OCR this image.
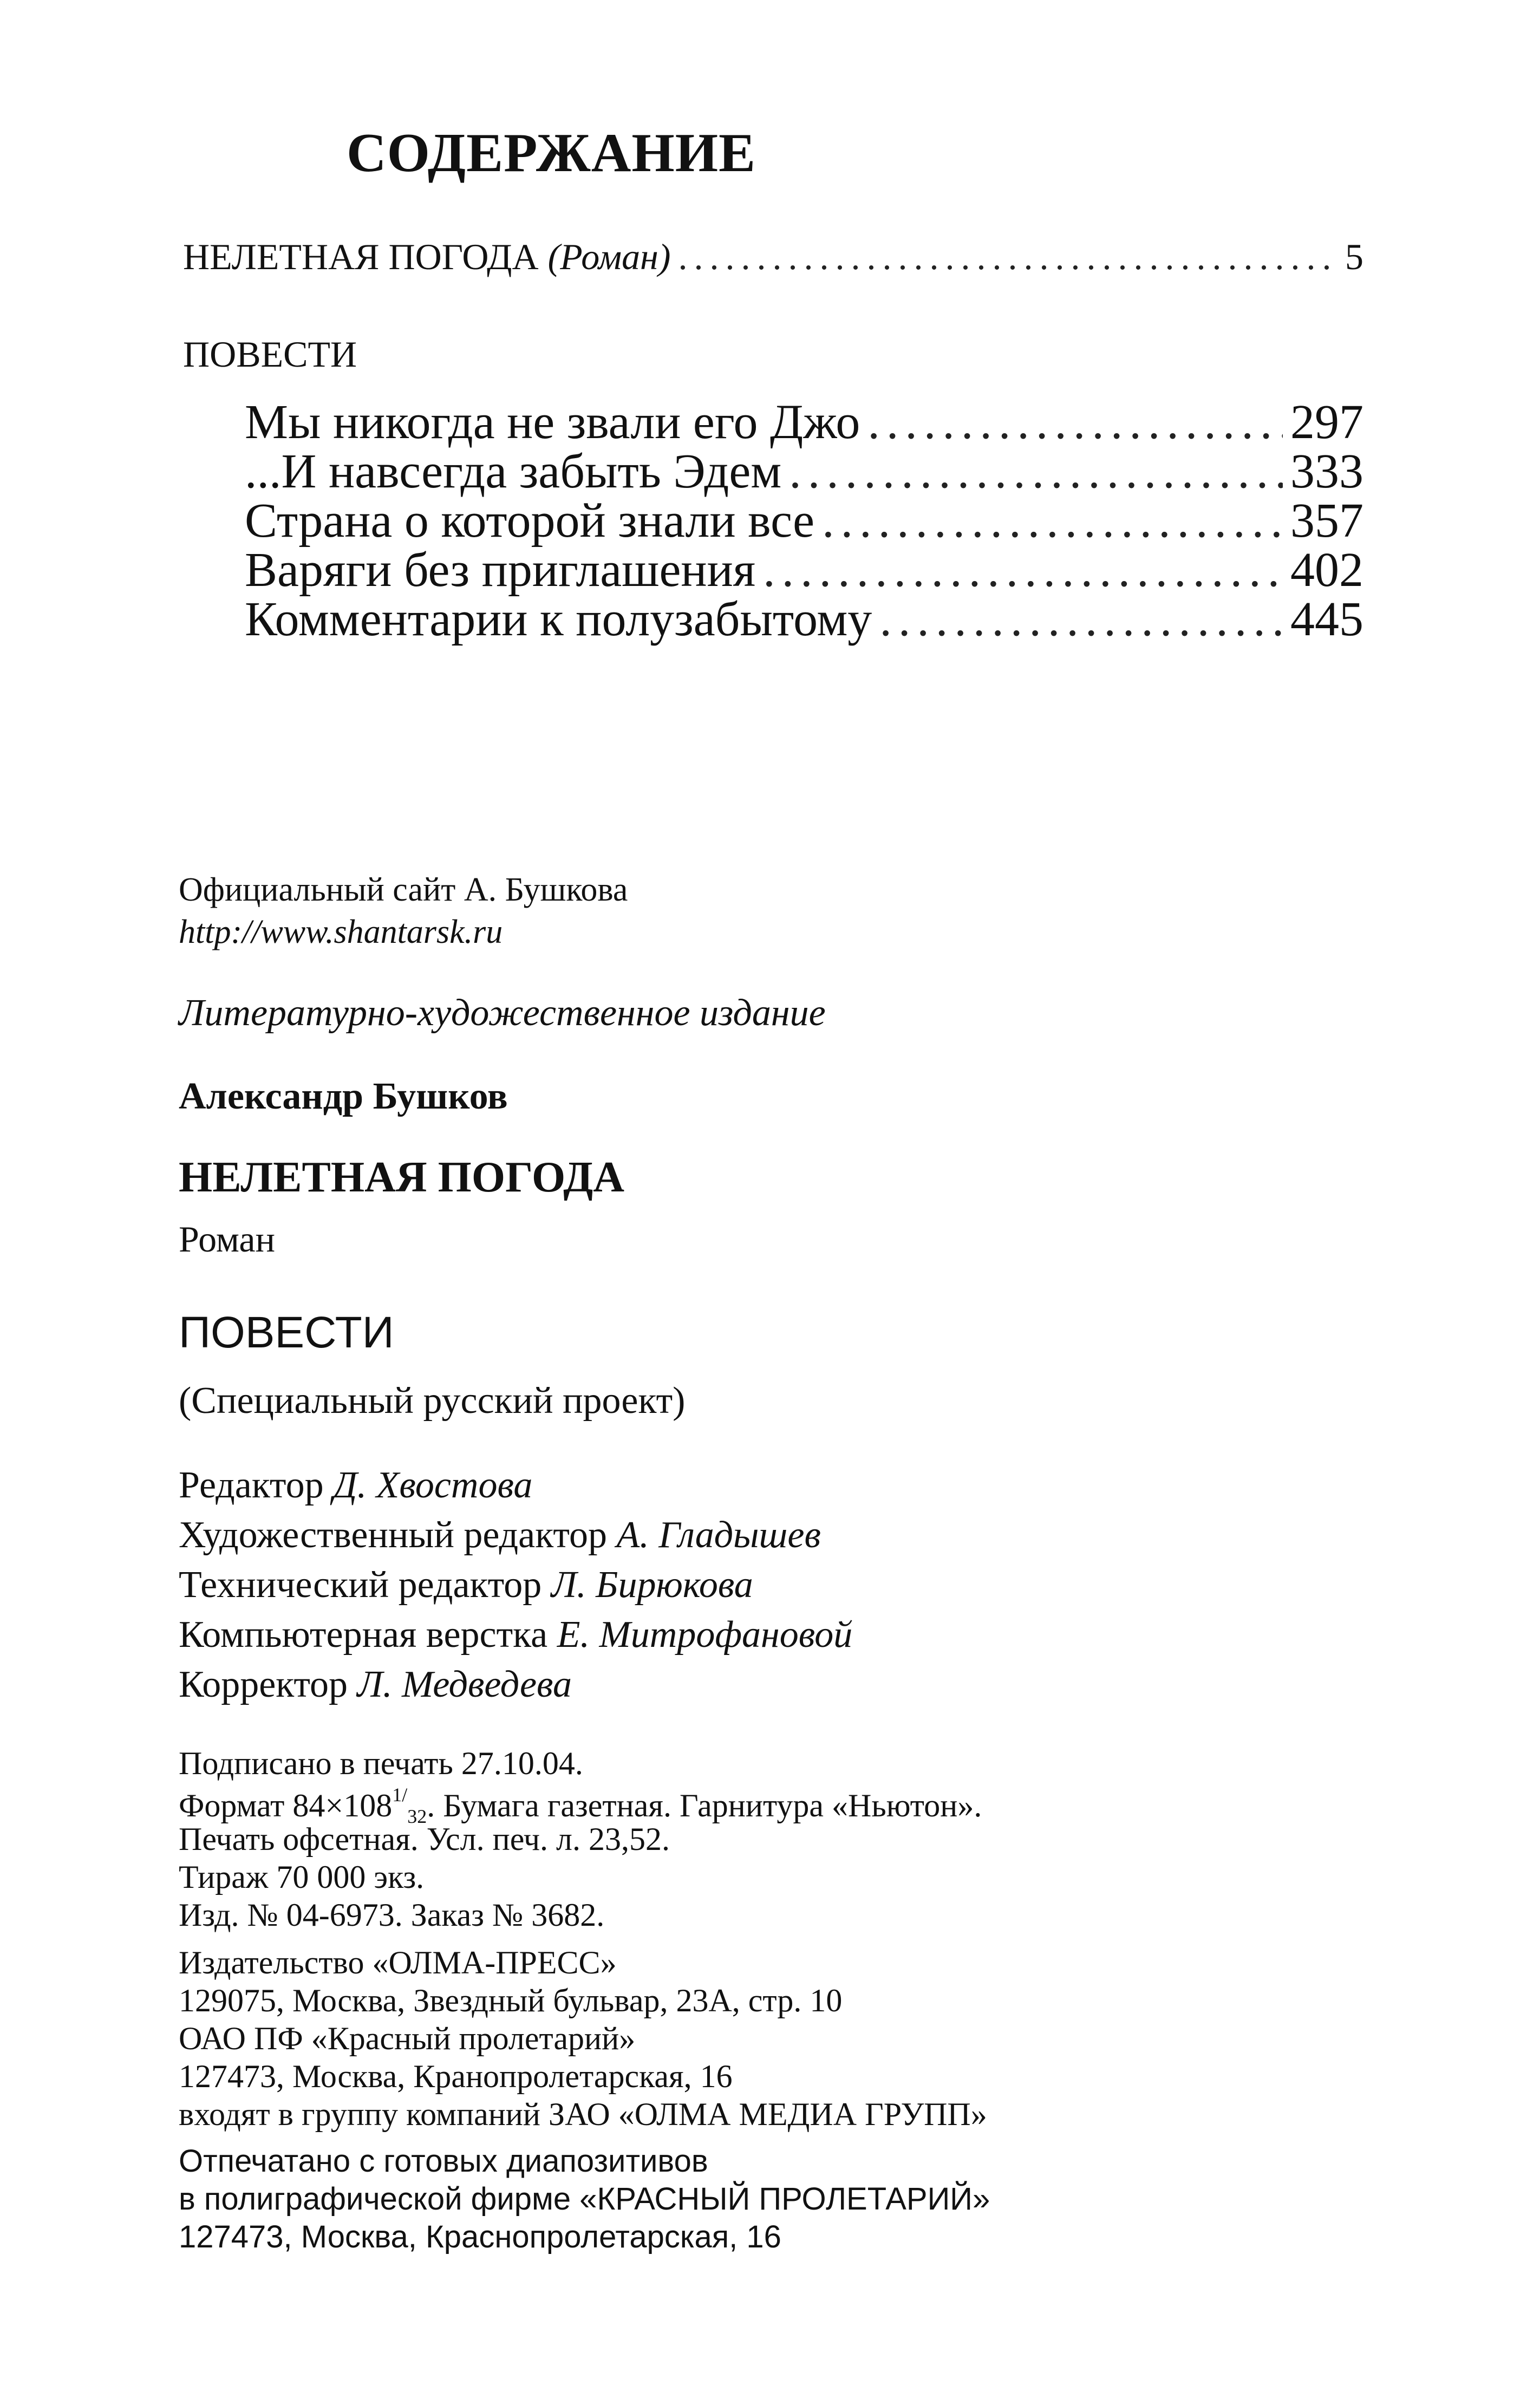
СОДЕРЖАНИЕ
НЕЛЕТНАЯ ПОГОДА (Роман) .....	5
ПОВЕСТИ
Мы никогда не звали его Джо .....	297
...И навсегда забыть Эдем .....	333
Страна о которой знали все .....	357
Варяги без приглашения .....	402
Комментарии к полузабытому .....	445
Официальный сайт А. Бушкова
http://www.shantarsk.ru
Литературно-художественное издание
Александр Бушков
НЕЛЕТНАЯ ПОГОДА
Роман
ПОВЕСТИ
(Специальный русский проект)
Редактор Д. Хвостова
Художественный редактор А. Гладышев
Технический редактор Л. Бирюкова
Компьютерная верстка Е. Митрофановой
Корректор Л. Медведева
Подписано в печать 27.10.04.
Формат $84\times 108^{1/}_{32}$. Бумага газетная. Гарнитура «Ньютон».
Печать офсетная. Усл. печ. л. 23,52.
Тираж 70 000 экз.
Изд. № 04-6973. Заказ № 3682.
Издательство «ОЛМА-ПРЕСС»
129075, Москва, Звездный бульвар, 23А, стр. 10
ОАО ПФ «Красный пролетарий»
127473, Москва, Кранопролетарская, 16
входят в группу компаний ЗАО «ОЛМА МЕДИА ГРУПП»
Отпечатано с готовых диапозитивов
в полиграфической фирме «КРАСНЫЙ ПРОЛЕТАРИЙ»
127473, Москва, Краснопролетарская, 16
